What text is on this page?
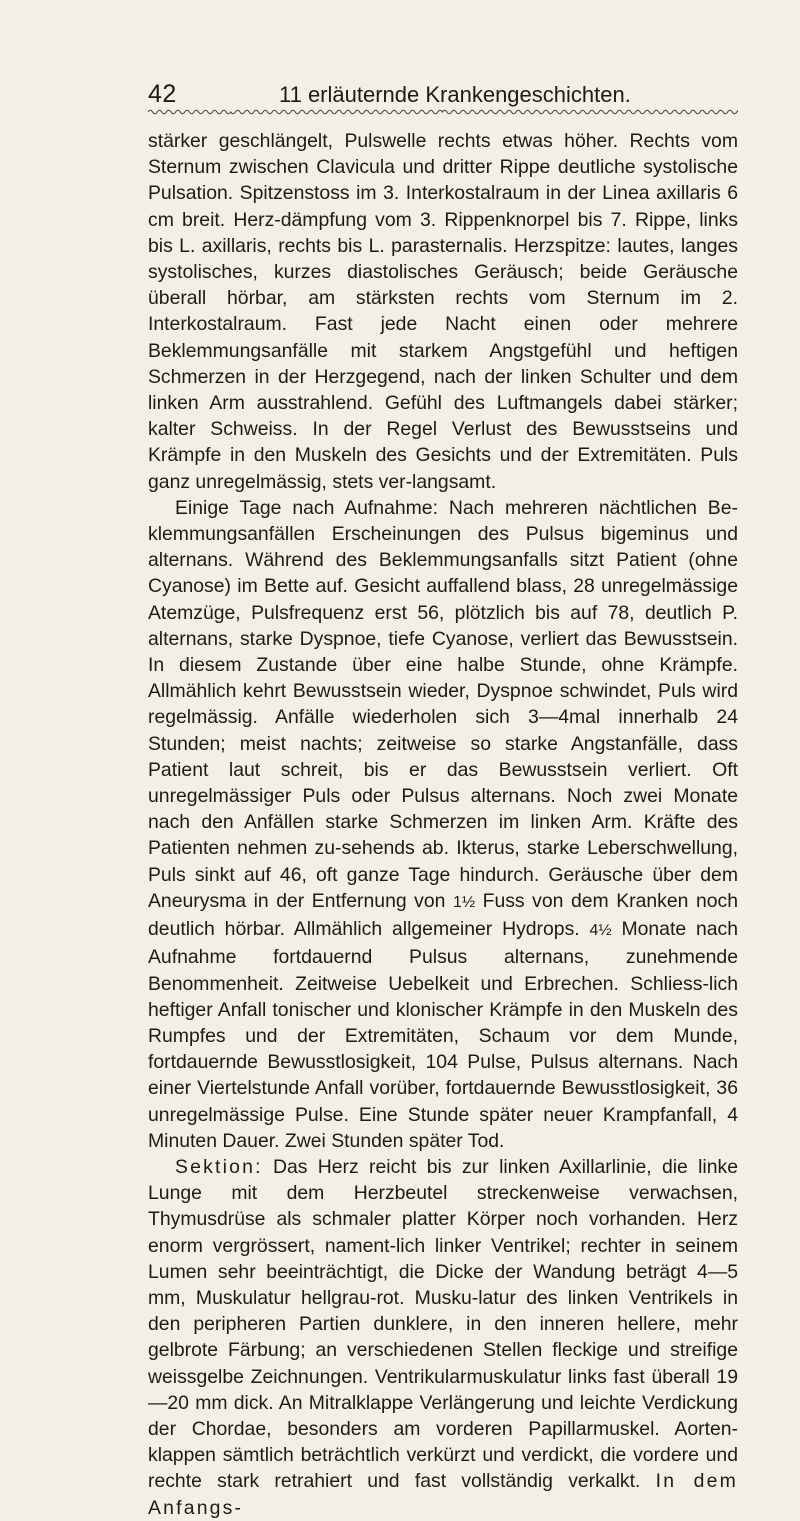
42	11 erläuternde Krankengeschichten.

stärker geschlängelt, Pulswelle rechts etwas höher. Rechts vom Sternum zwischen Clavicula und dritter Rippe deutliche systolische Pulsation. Spitzenstoss im 3. Interkostalraum in der Linea axillaris 6 cm breit. Herz-dämpfung vom 3. Rippenknorpel bis 7. Rippe, links bis L. axillaris, rechts bis L. parasternalis. Herzspitze: lautes, langes systolisches, kurzes diastolisches Geräusch; beide Geräusche überall hörbar, am stärksten rechts vom Sternum im 2. Interkostalraum. Fast jede Nacht einen oder mehrere Beklemmungsanfälle mit starkem Angstgefühl und heftigen Schmerzen in der Herzgegend, nach der linken Schulter und dem linken Arm ausstrahlend. Gefühl des Luftmangels dabei stärker; kalter Schweiss. In der Regel Verlust des Bewusstseins und Krämpfe in den Muskeln des Gesichts und der Extremitäten. Puls ganz unregelmässig, stets ver-langsamt.

Einige Tage nach Aufnahme: Nach mehreren nächtlichen Be-klemmungsanfällen Erscheinungen des Pulsus bigeminus und alternans. Während des Beklemmungsanfalls sitzt Patient (ohne Cyanose) im Bette auf. Gesicht auffallend blass, 28 unregelmässige Atemzüge, Pulsfrequenz erst 56, plötzlich bis auf 78, deutlich P. alternans, starke Dyspnoe, tiefe Cyanose, verliert das Bewusstsein. In diesem Zustande über eine halbe Stunde, ohne Krämpfe. Allmählich kehrt Bewusstsein wieder, Dyspnoe schwindet, Puls wird regelmässig. Anfälle wiederholen sich 3—4mal innerhalb 24 Stunden; meist nachts; zeitweise so starke Angstanfälle, dass Patient laut schreit, bis er das Bewusstsein verliert. Oft unregelmässiger Puls oder Pulsus alternans. Noch zwei Monate nach den Anfällen starke Schmerzen im linken Arm. Kräfte des Patienten nehmen zu-sehends ab. Ikterus, starke Leberschwellung, Puls sinkt auf 46, oft ganze Tage hindurch. Geräusche über dem Aneurysma in der Entfernung von 1½ Fuss von dem Kranken noch deutlich hörbar. Allmählich allgemeiner Hydrops. 4½ Monate nach Aufnahme fortdauernd Pulsus alternans, zunehmende Benommenheit. Zeitweise Uebelkeit und Erbrechen. Schliess-lich heftiger Anfall tonischer und klonischer Krämpfe in den Muskeln des Rumpfes und der Extremitäten, Schaum vor dem Munde, fortdauernde Bewusstlosigkeit, 104 Pulse, Pulsus alternans. Nach einer Viertelstunde Anfall vorüber, fortdauernde Bewusstlosigkeit, 36 unregelmässige Pulse. Eine Stunde später neuer Krampfanfall, 4 Minuten Dauer. Zwei Stunden später Tod.

Sektion: Das Herz reicht bis zur linken Axillarlinie, die linke Lunge mit dem Herzbeutel streckenweise verwachsen, Thymusdrüse als schmaler platter Körper noch vorhanden. Herz enorm vergrössert, nament-lich linker Ventrikel; rechter in seinem Lumen sehr beeinträchtigt, die Dicke der Wandung beträgt 4—5 mm, Muskulatur hellgrau-rot. Musku-latur des linken Ventrikels in den peripheren Partien dunklere, in den inneren hellere, mehr gelbrote Färbung; an verschiedenen Stellen fleckige und streifige weissgelbe Zeichnungen. Ventrikularmuskulatur links fast überall 19—20 mm dick. An Mitralklappe Verlängerung und leichte Verdickung der Chordae, besonders am vorderen Papillarmuskel. Aorten-klappen sämtlich beträchtlich verkürzt und verdickt, die vordere und rechte stark retrahiert und fast vollständig verkalkt. In dem Anfangs-
